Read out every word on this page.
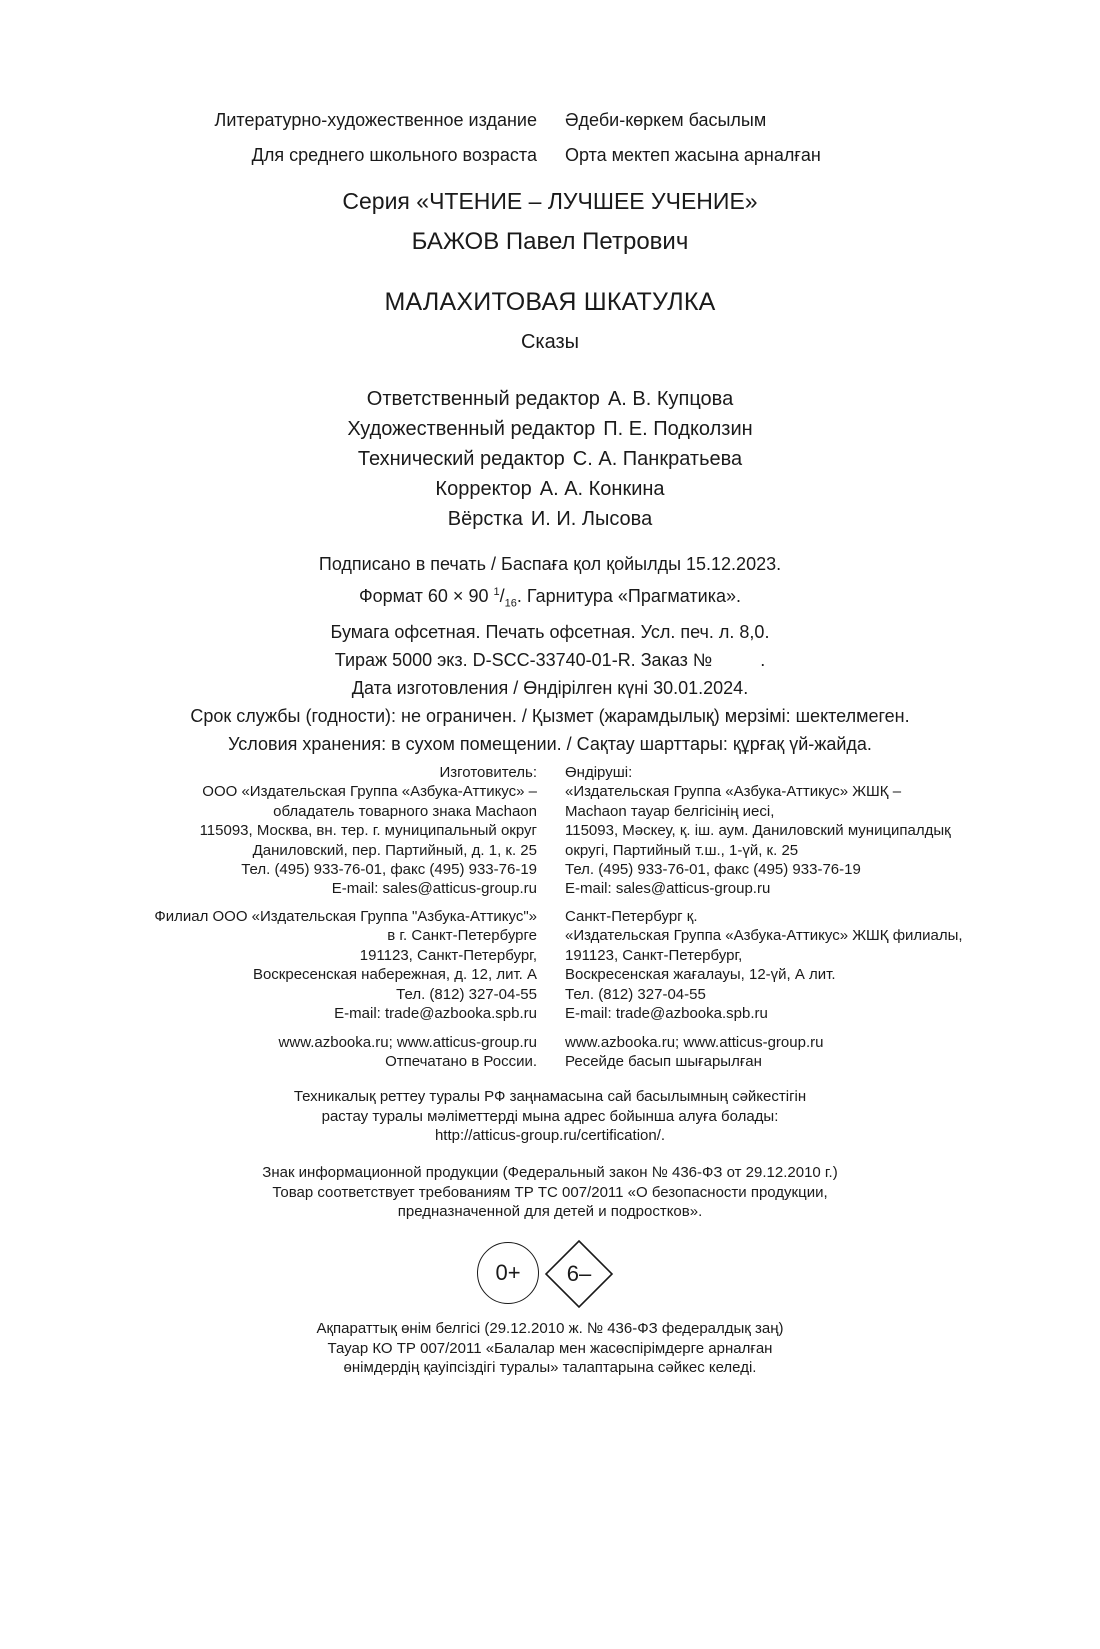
Литературно-художественное издание Әдеби-көркем басылым
Для среднего школьного возраста Орта мектеп жасына арналған
Серия «ЧТЕНИЕ – ЛУЧШЕЕ УЧЕНИЕ»
БАЖОВ Павел Петрович
МАЛАХИТОВАЯ ШКАТУЛКА
Сказы
Ответственный редактор А. В. Купцова
Художественный редактор П. Е. Подколзин
Технический редактор С. А. Панкратьева
Корректор А. А. Конкина
Вёрстка И. И. Лысова
Подписано в печать / Баспаға қол қойылды 15.12.2023.
Формат 60 × 90 $^1/_{16}$. Гарнитура «Прагматика».
Бумага офсетная. Печать офсетная. Усл. печ. л. 8,0.
Тираж 5000 экз. D-SCC-33740-01-R. Заказ №	.
Дата изготовления / Өндірілген күні 30.01.2024.
Срок службы (годности): не ограничен. / Қызмет (жарамдылық) мерзімі: шектелмеген.
Условия хранения: в сухом помещении. / Сақтау шарттары: құрғақ үй-жайда.
Изготовитель:
ООО «Издательская Группа «Азбука-Аттикус» –
обладатель товарного знака Machaon
115093, Москва, вн. тер. г. муниципальный округ
Даниловский, пер. Партийный, д. 1, к. 25
Тел. (495) 933-76-01, факс (495) 933-76-19
E-mail: sales@atticus-group.ru
Өндіруші:
«Издательская Группа «Азбука-Аттикус» ЖШҚ –
Machaon тауар белгісінің иесі,
115093, Мәскеу, қ. іш. аум. Даниловский муниципалдық
округі, Партийный т.ш., 1-үй, к. 25
Тел. (495) 933-76-01, факс (495) 933-76-19
E-mail: sales@atticus-group.ru
Филиал ООО «Издательская Группа "Азбука-Аттикус"»
в г. Санкт-Петербурге
191123, Санкт-Петербург,
Воскресенская набережная, д. 12, лит. А
Тел. (812) 327-04-55
E-mail: trade@azbooka.spb.ru
Санкт-Петербург қ.
«Издательская Группа «Азбука-Аттикус» ЖШҚ филиалы,
191123, Санкт-Петербург,
Воскресенская жағалауы, 12-үй, А лит.
Тел. (812) 327-04-55
E-mail: trade@azbooka.spb.ru
www.azbooka.ru; www.atticus-group.ru
Отпечатано в России.
www.azbooka.ru; www.atticus-group.ru
Ресейде басып шығарылған
Техникалық реттеу туралы РФ заңнамасына сай басылымның сәйкестігін
растау туралы мәліметтерді мына адрес бойынша алуға болады:
http://atticus-group.ru/certification/.
Знак информационной продукции (Федеральный закон № 436-ФЗ от 29.12.2010 г.)
Товар соответствует требованиям ТР ТС 007/2011 «О безопасности продукции,
предназначенной для детей и подростков».
0+	6–
Ақпараттық өнім белгісі (29.12.2010 ж. № 436-ФЗ федералдық заң)
Тауар КО ТР 007/2011 «Балалар мен жасөспірімдерге арналған
өнімдердің қауіпсіздігі туралы» талаптарына сәйкес келеді.
